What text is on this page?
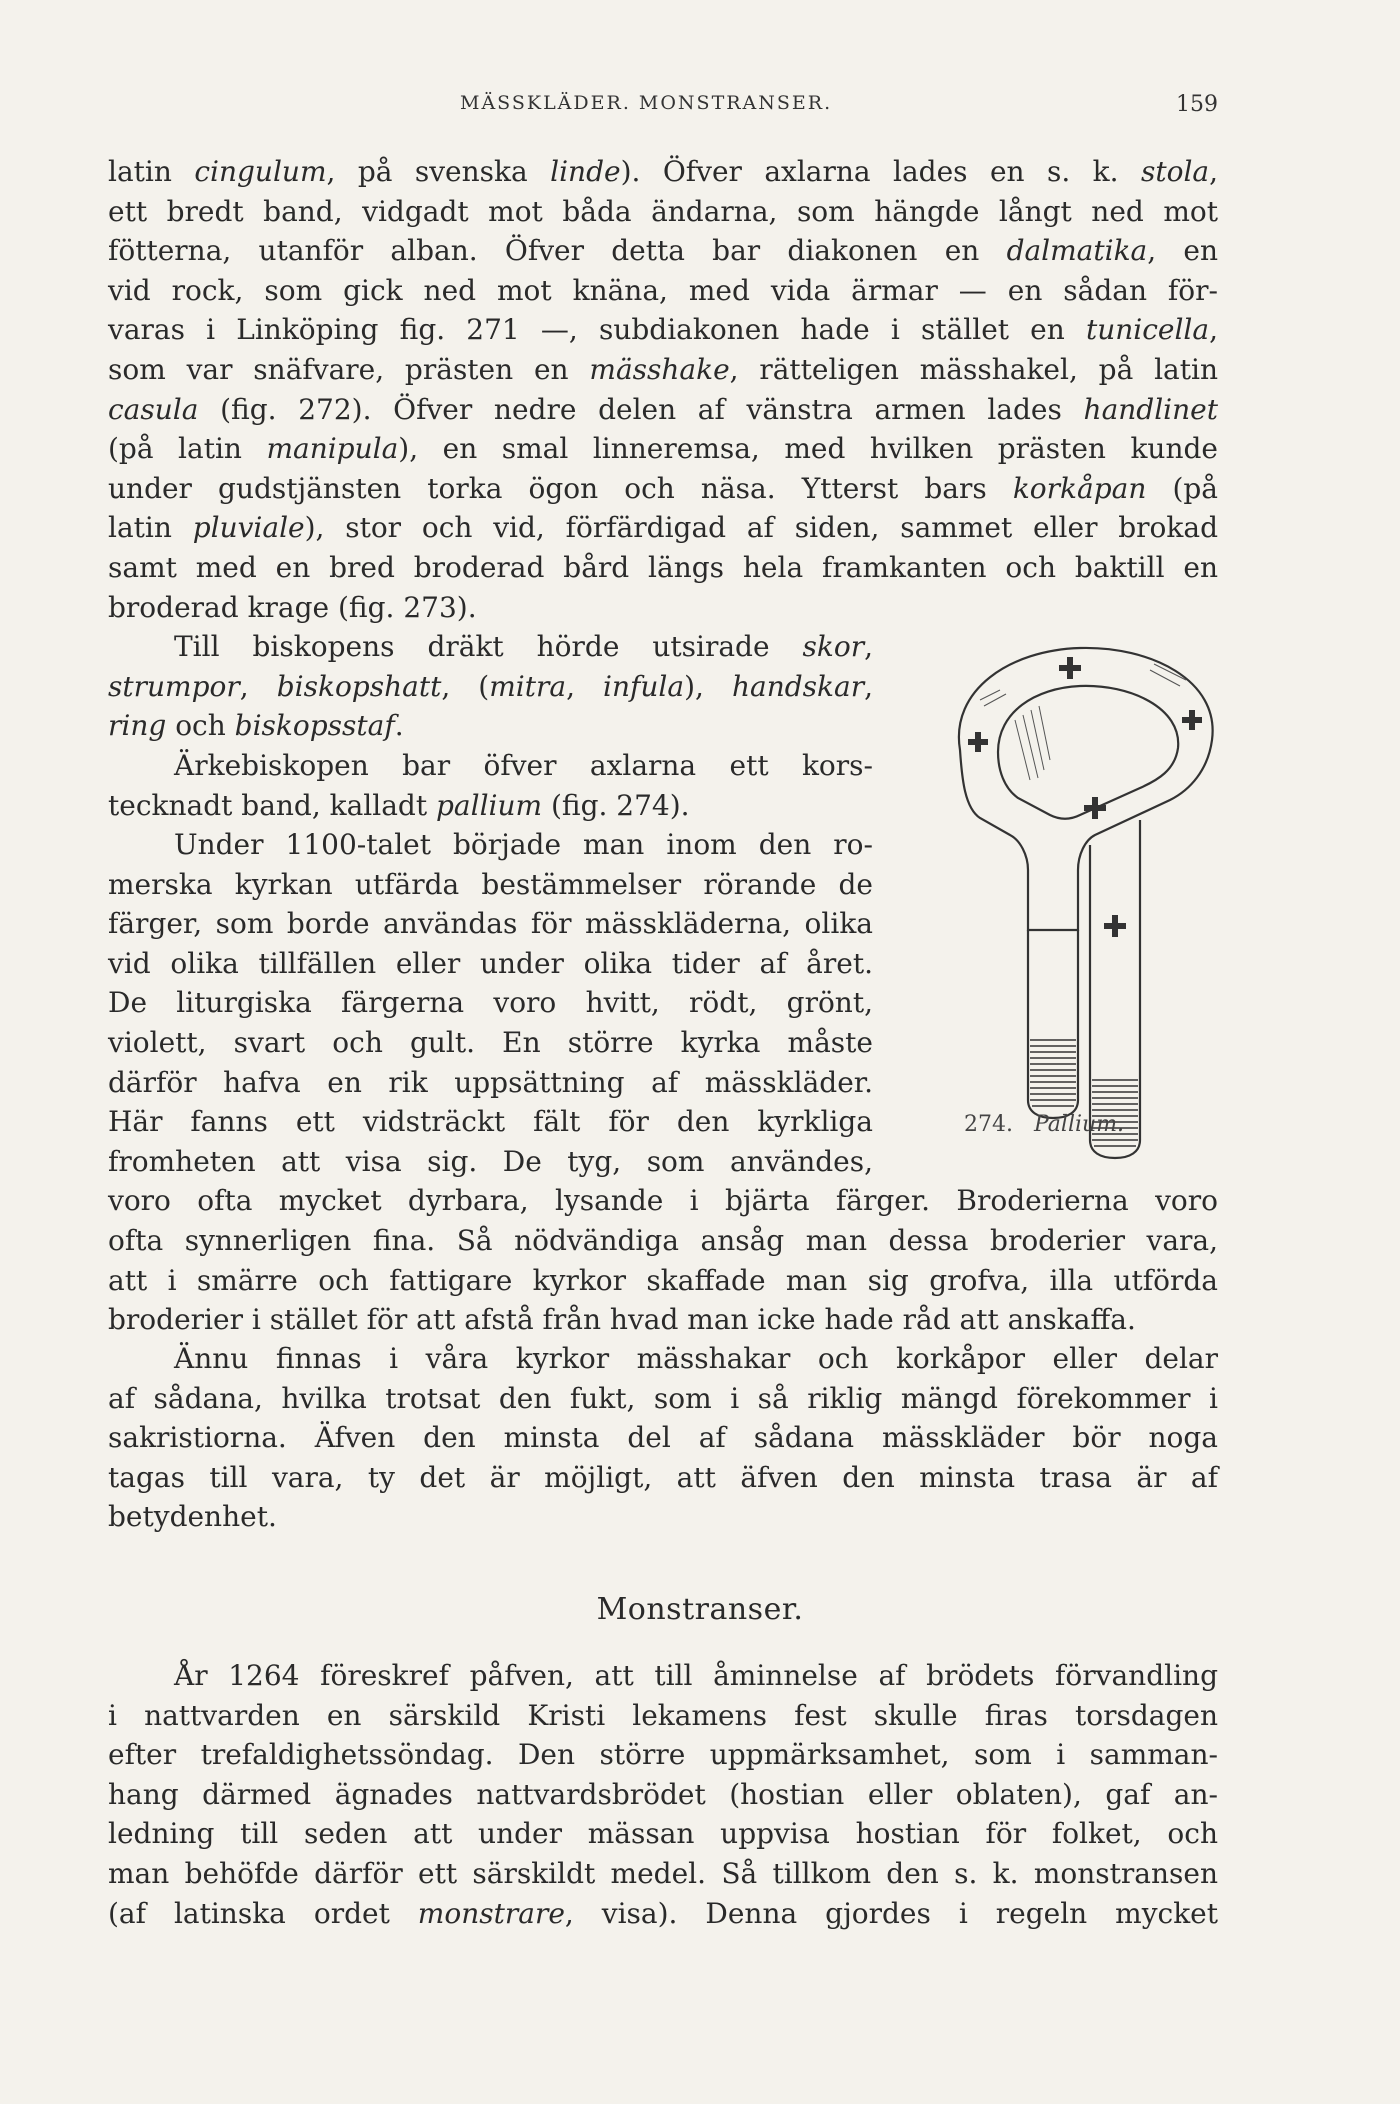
MÄSSKLÄDER. MONSTRANSER.	159
latin cingulum, på svenska linde). Öfver axlarna lades en s. k. stola,
ett bredt band, vidgadt mot båda ändarna, som hängde långt ned mot
fötterna, utanför alban. Öfver detta bar diakonen en dalmatika, en
vid rock, som gick ned mot knäna, med vida ärmar — en sådan för-
varas i Linköping fig. 271 —, subdiakonen hade i stället en tunicella,
som var snäfvare, prästen en mässhake, rätteligen mässhakel, på latin
casula (fig. 272). Öfver nedre delen af vänstra armen lades handlinet
(på latin manipula), en smal linneremsa, med hvilken prästen kunde
under gudstjänsten torka ögon och näsa. Ytterst bars korkåpan (på
latin pluviale), stor och vid, förfärdigad af siden, sammet eller brokad
samt med en bred broderad bård längs hela framkanten och baktill en
broderad krage (fig. 273).
Till biskopens dräkt hörde utsirade skor,
strumpor, biskopshatt, (mitra, infula), handskar,
ring och biskopsstaf.
Ärkebiskopen bar öfver axlarna ett kors-
tecknadt band, kalladt pallium (fig. 274).
Under 1100-talet började man inom den ro-
merska kyrkan utfärda bestämmelser rörande de
färger, som borde användas för mässkläderna, olika
vid olika tillfällen eller under olika tider af året.
De liturgiska färgerna voro hvitt, rödt, grönt,
violett, svart och gult. En större kyrka måste
därför hafva en rik uppsättning af mässkläder.
Här fanns ett vidsträckt fält för den kyrkliga
fromheten att visa sig. De tyg, som användes,
voro ofta mycket dyrbara, lysande i bjärta färger. Broderierna voro
ofta synnerligen fina. Så nödvändiga ansåg man dessa broderier vara,
att i smärre och fattigare kyrkor skaffade man sig grofva, illa utförda
broderier i stället för att afstå från hvad man icke hade råd att anskaffa.
Ännu finnas i våra kyrkor mässhakar och korkåpor eller delar
af sådana, hvilka trotsat den fukt, som i så riklig mängd förekommer i
sakristiorna. Äfven den minsta del af sådana mässkläder bör noga
tagas till vara, ty det är möjligt, att äfven den minsta trasa är af
betydenhet.
Monstranser.
År 1264 föreskref påfven, att till åminnelse af brödets förvandling
i nattvarden en särskild Kristi lekamens fest skulle firas torsdagen
efter trefaldighetssöndag. Den större uppmärksamhet, som i samman-
hang därmed ägnades nattvardsbrödet (hostian eller oblaten), gaf an-
ledning till seden att under mässan uppvisa hostian för folket, och
man behöfde därför ett särskildt medel. Så tillkom den s. k. monstransen
(af latinska ordet monstrare, visa). Denna gjordes i regeln mycket
274. Pallium.
